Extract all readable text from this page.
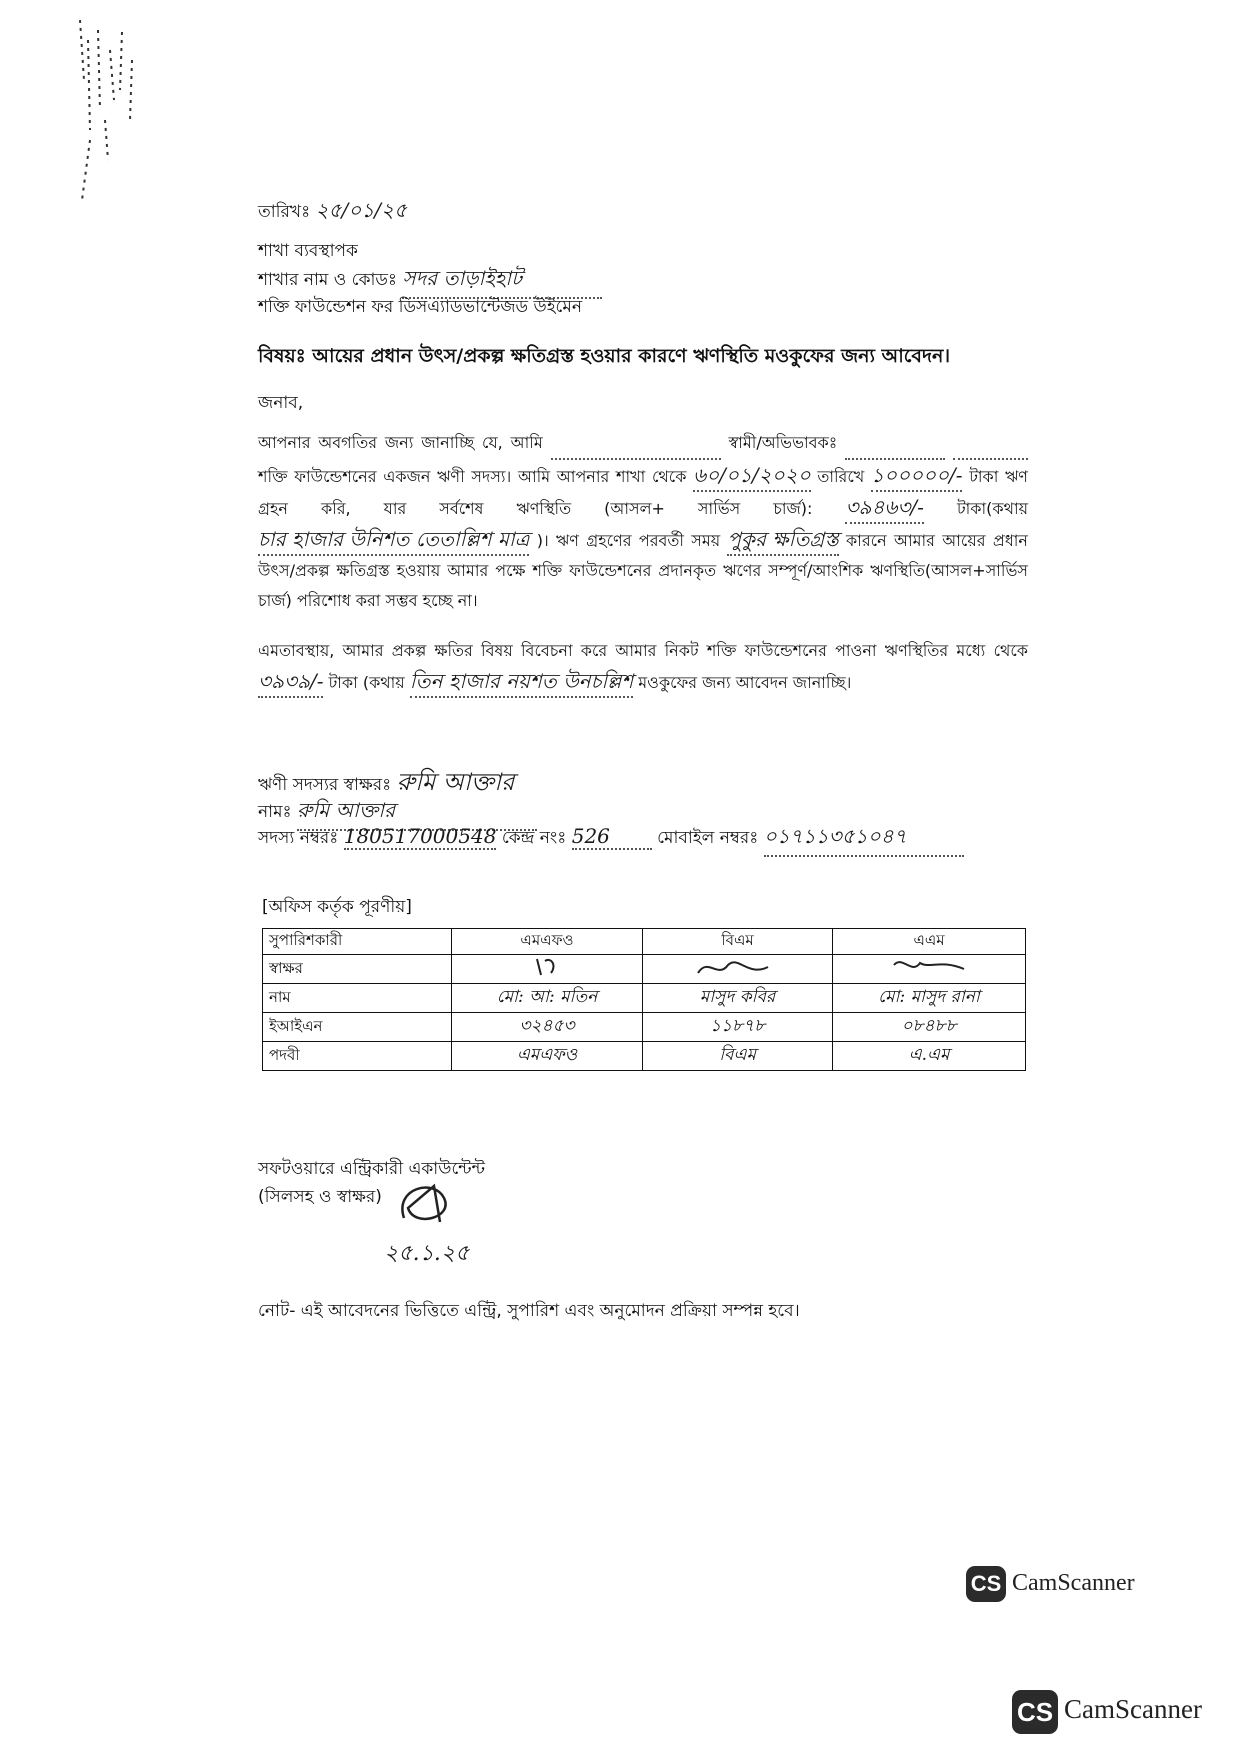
তারিখঃ ২৫/০১/২৫
শাখা ব্যবস্থাপক
শাখার নাম ও কোডঃ সদর তাড়াইহাট
শক্তি ফাউন্ডেশন ফর ডিসএ্যাডভান্টেজড উইমেন
বিষয়ঃ আয়ের প্রধান উৎস/প্রকল্প ক্ষতিগ্রস্ত হওয়ার কারণে ঋণস্থিতি মওকুফের জন্য আবেদন।
জনাব,
আপনার অবগতির জন্য জানাচ্ছি যে, আমি	স্বামী/অভিভাবকঃ     শক্তি ফাউন্ডেশনের একজন ঋণী সদস্য। আমি আপনার শাখা থেকে ৬০/০১/২০২০ তারিখে ১০০০০০/- টাকা ঋণ গ্রহন করি, যার সর্বশেষ ঋণস্থিতি (আসল+ সার্ভিস চার্জ): ৩৯৪৬৩/- টাকা(কথায় চার হাজার উনিশত তেতাল্লিশ মাত্র )। ঋণ গ্রহণের পরবর্তী সময় পুকুর ক্ষতিগ্রস্ত কারনে আমার আয়ের প্রধান উৎস/প্রকল্প ক্ষতিগ্রস্ত হওয়ায় আমার পক্ষে শক্তি ফাউন্ডেশনের প্রদানকৃত ঋণের সম্পূর্ণ/আংশিক ঋণস্থিতি(আসল+সার্ভিস চার্জ) পরিশোধ করা সম্ভব হচ্ছে না।
এমতাবস্থায়, আমার প্রকল্প ক্ষতির বিষয় বিবেচনা করে আমার নিকট শক্তি ফাউন্ডেশনের পাওনা ঋণস্থিতির মধ্যে থেকে ৩৯৩৯/- টাকা (কথায় তিন হাজার নয়শত উনচল্লিশ মওকুফের জন্য আবেদন জানাচ্ছি।
ঋণী সদস্যর স্বাক্ষরঃ রুমি আক্তার
নামঃ রুমি আক্তার
সদস্য নম্বরঃ 180517000548 কেন্দ্র নংঃ 526	মোবাইল নম্বরঃ ০১৭১১৩৫১০৪৭
[অফিস কর্তৃক পূরণীয়]
সুপারিশকারী	এমএফও	বিএম	এএম
স্বাক্ষর			
নাম	মো: আ: মতিন	মাসুদ কবির	মো: মাসুদ রানা
ইআইএন	৩২৪৫৩	১১৮৭৮	০৮৪৮৮
পদবী	এমএফও	বিএম	এ.এম
সফটওয়ারে এন্ট্রিকারী একাউন্টেন্ট
(সিলসহ ও স্বাক্ষর)
২৫.১.২৫
নোট- এই আবেদনের ভিত্তিতে এন্ট্রি, সুপারিশ এবং অনুমোদন প্রক্রিয়া সম্পন্ন হবে।
CS CamScanner
CS CamScanner
